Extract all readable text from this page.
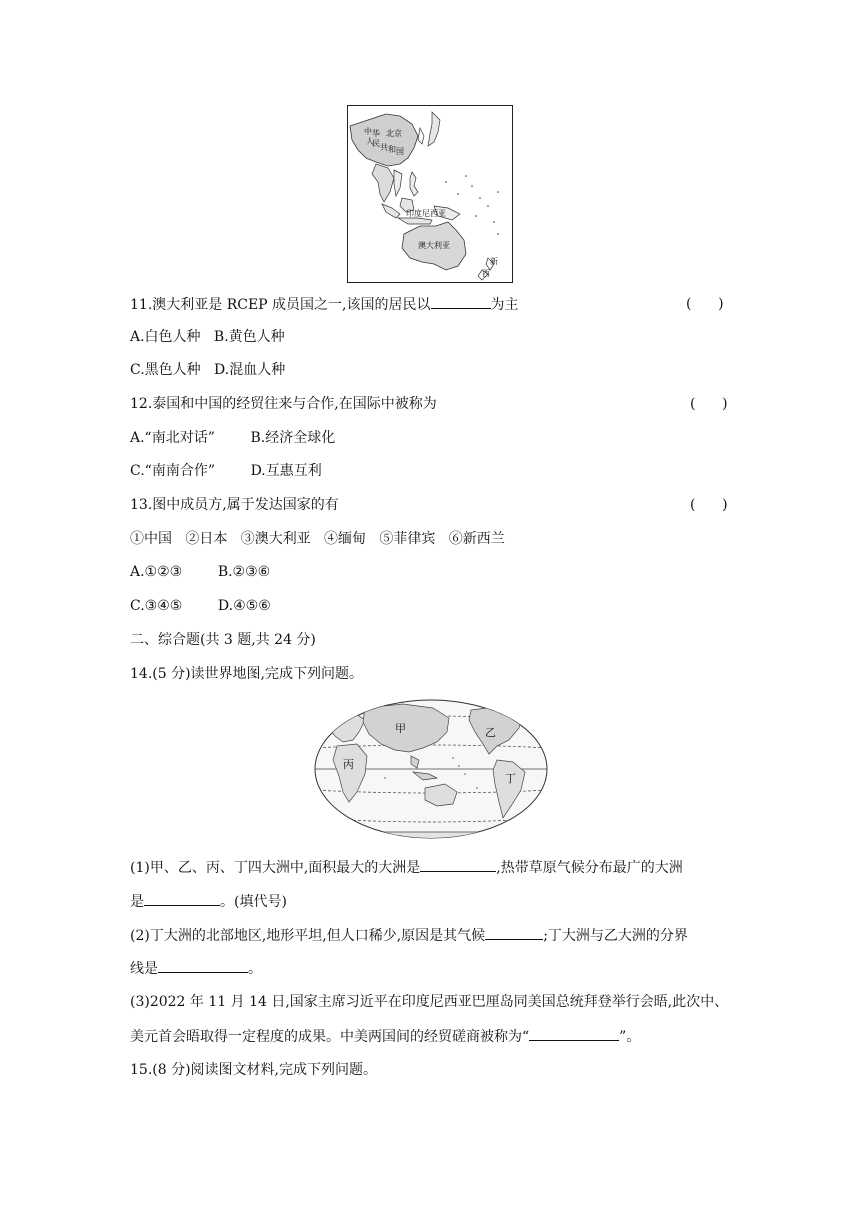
北京
中 华
人
民 共 和 国
印度尼西亚
澳大利亚
新
西
11.澳大利亚是 RCEP 成员国之一,该国的居民以	为主	(      )
A.白色人种   B.黄色人种
C.黑色人种   D.混血人种
12.泰国和中国的经贸往来与合作,在国际中被称为	(      )
A.“南北对话”        B.经济全球化
C.“南南合作”        D.互惠互利
13.图中成员方,属于发达国家的有	(      )
①中国   ②日本   ③澳大利亚   ④缅甸   ⑤菲律宾   ⑥新西兰
A.①②③        B.②③⑥
C.③④⑤        D.④⑤⑥
二、综合题(共 3 题,共 24 分)
14.(5 分)读世界地图,完成下列问题。
甲	乙
丙
丁
(1)甲、乙、丙、丁四大洲中,面积最大的大洲是	,热带草原气候分布最广的大洲
是	。(填代号)
(2)丁大洲的北部地区,地形平坦,但人口稀少,原因是其气候	;丁大洲与乙大洲的分界
线是	。
(3)2022 年 11 月 14 日,国家主席习近平在印度尼西亚巴厘岛同美国总统拜登举行会晤,此次中、
美元首会晤取得一定程度的成果。中美两国间的经贸磋商被称为“	”。
15.(8 分)阅读图文材料,完成下列问题。
